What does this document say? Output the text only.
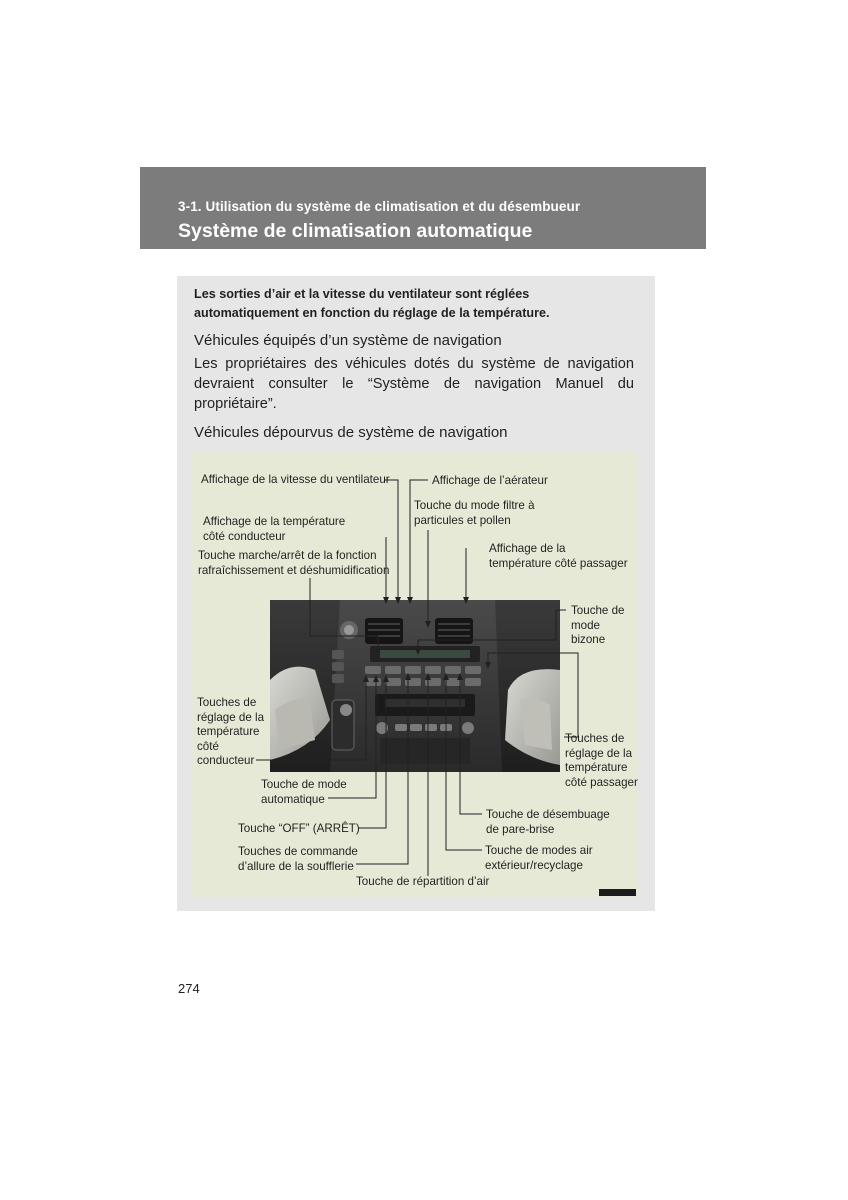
3-1. Utilisation du système de climatisation et du désembueur
Système de climatisation automatique
Les sorties d’air et la vitesse du ventilateur sont réglées automatiquement en fonction du réglage de la température.
Véhicules équipés d’un système de navigation
Les propriétaires des véhicules dotés du système de navigation devraient consulter le “Système de navigation Manuel du propriétaire”.
Véhicules dépourvus de système de navigation
Affichage de la vitesse du ventilateur	Affichage de l’aérateur
Touche du mode filtre à
particules et pollen
Affichage de la température
côté conducteur
Touche marche/arrêt de la fonction
rafraîchissement et déshumidification
Affichage de la
température côté passager
Touche de
mode
bizone
Touches de
réglage de la
température
côté
conducteur
Touches de
réglage de la
température
côté passager
Touche de mode
automatique
Touche “OFF” (ARRÊT)
Touches de commande
d’allure de la soufflerie
Touche de répartition d’air
Touche de désembuage
de pare-brise
Touche de modes air
extérieur/recyclage
274
